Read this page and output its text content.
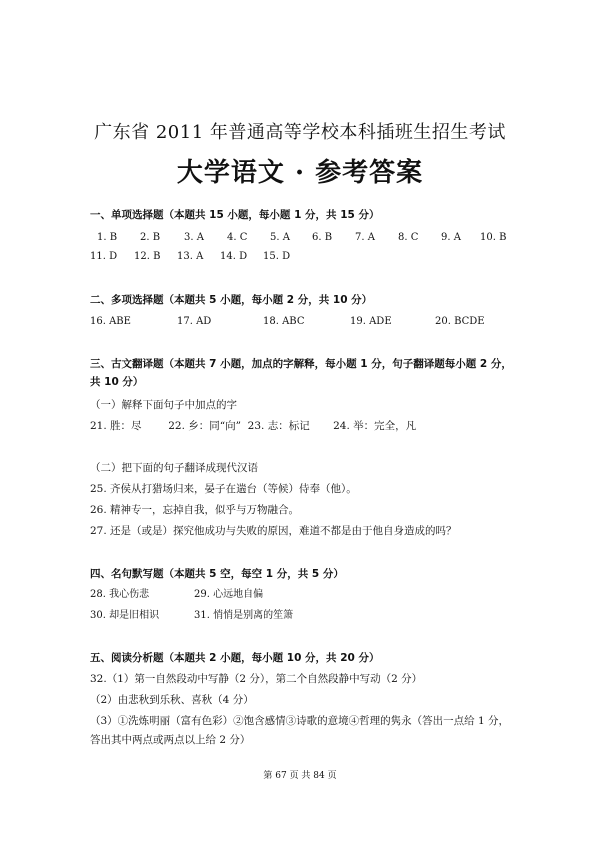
广东省 2011 年普通高等学校本科插班生招生考试
大学语文 · 参考答案
一、单项选择题（本题共 15 小题，每小题 1 分，共 15 分）
1. B 2. B 3. A 4. C 5. A 6. B 7. A 8. C 9. A 10. B
11. D 12. B 13. A 14. D 15. D
二、多项选择题（本题共 5 小题，每小题 2 分，共 10 分）
16. ABE	17. AD	18. ABC	19. ADE	20. BCDE
三、古文翻译题（本题共 7 小题，加点的字解释，每小题 1 分，句子翻译题每小题 2 分，
共 10 分）
（一）解释下面句子中加点的字
21. 胜：尽        22. 乡：同“向”  23. 志：标记       24. 举：完全，凡
（二）把下面的句子翻译成现代汉语
25. 齐侯从打猎场归来，晏子在遄台（等候）侍奉（他）。
26. 精神专一，忘掉自我，似乎与万物融合。
27. 还是（或是）探究他成功与失败的原因，难道不都是由于他自身造成的吗？
四、名句默写题（本题共 5 空，每空 1 分，共 5 分）
28. 我心伤悲	29. 心远地自偏
30. 却是旧相识	31. 悄悄是别离的笙箫
五、阅读分析题（本题共 2 小题，每小题 10 分，共 20 分）
32.（1）第一自然段动中写静（2 分），第二个自然段静中写动（2 分）
（2）由悲秋到乐秋、喜秋（4 分）
（3）①洗炼明丽（富有色彩）②饱含感情③诗歌的意境④哲理的隽永（答出一点给 1 分，
答出其中两点或两点以上给 2 分）
第 67 页 共 84 页
